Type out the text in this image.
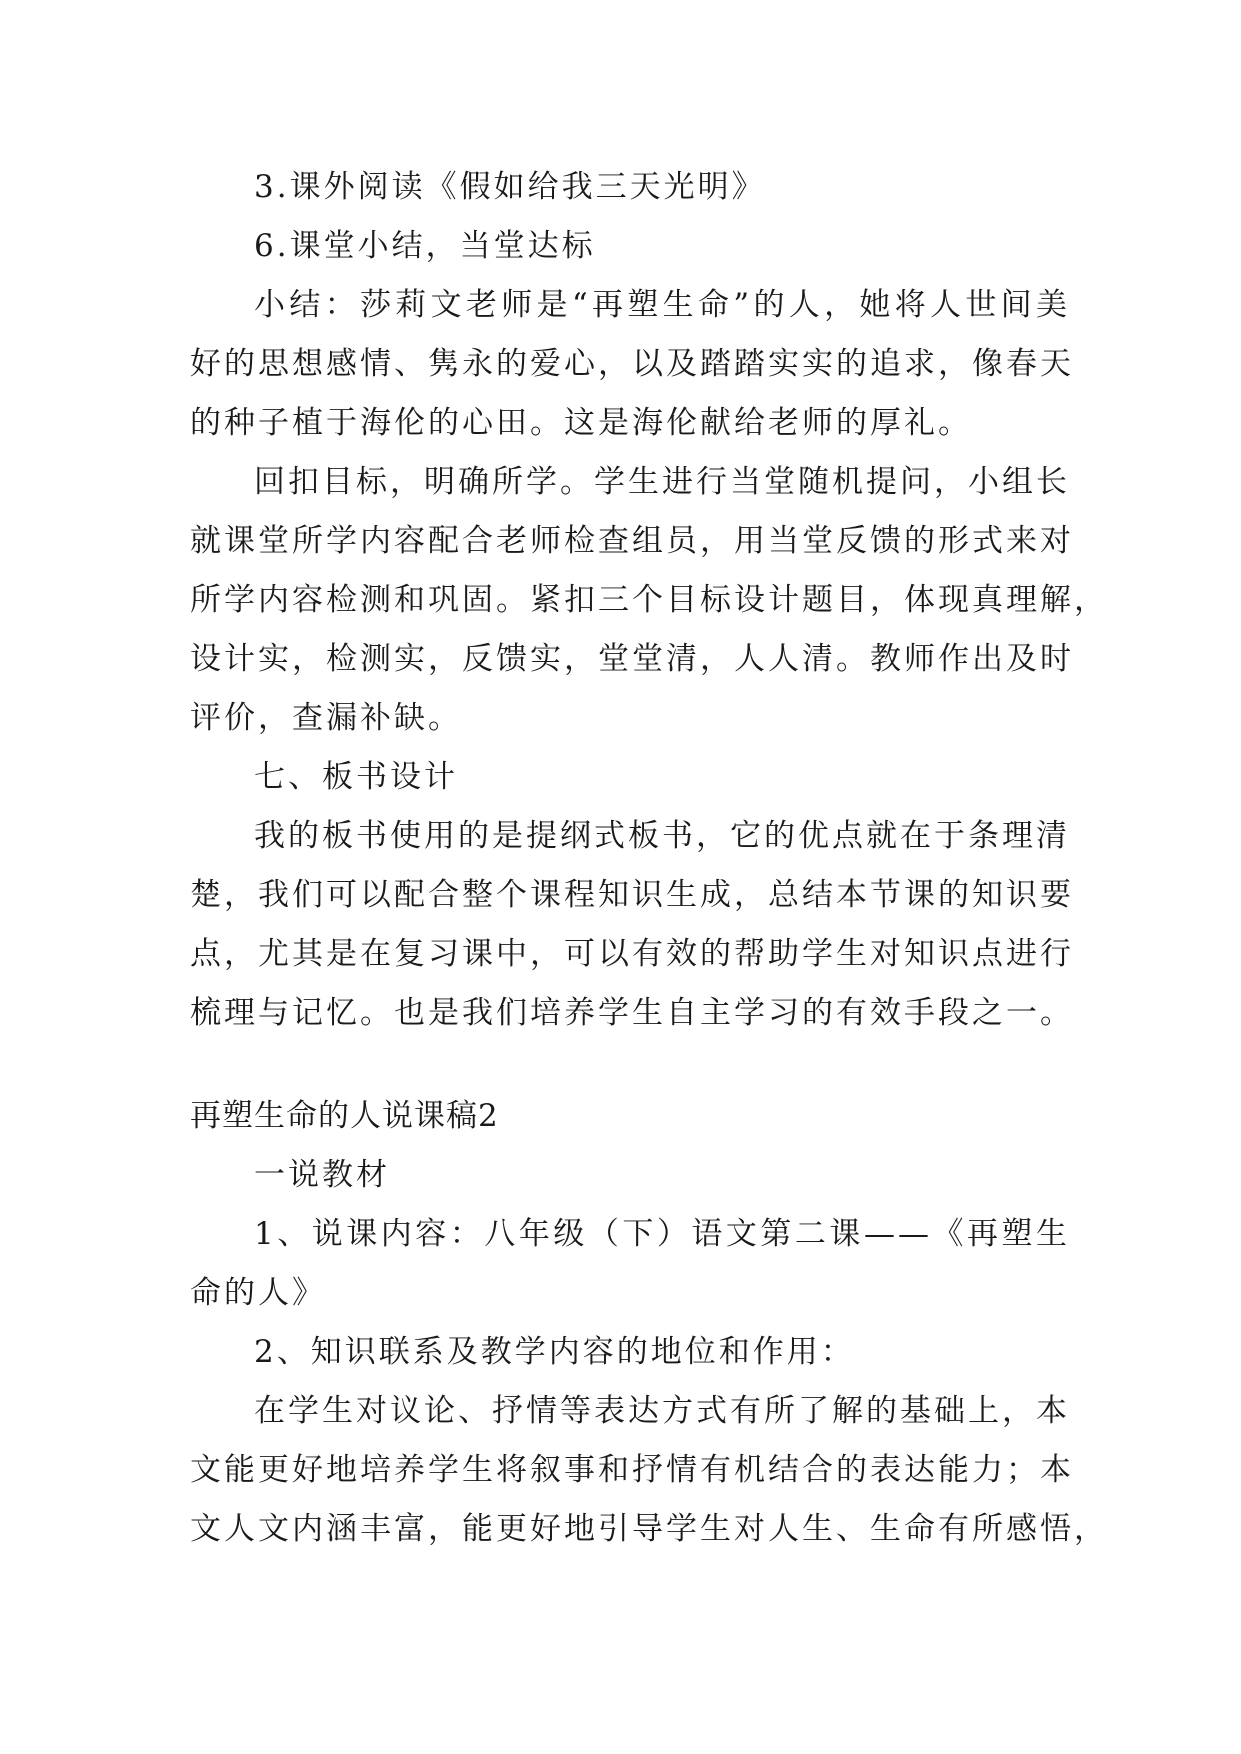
3.课外阅读《假如给我三天光明》
6.课堂小结，当堂达标
小结：莎莉文老师是“再塑生命”的人，她将人世间美
好的思想感情、隽永的爱心，以及踏踏实实的追求，像春天
的种子植于海伦的心田。这是海伦献给老师的厚礼。
回扣目标，明确所学。学生进行当堂随机提问，小组长
就课堂所学内容配合老师检查组员，用当堂反馈的形式来对
所学内容检测和巩固。紧扣三个目标设计题目，体现真理解，
设计实，检测实，反馈实，堂堂清，人人清。教师作出及时
评价，查漏补缺。
七、板书设计
我的板书使用的是提纲式板书，它的优点就在于条理清
楚，我们可以配合整个课程知识生成，总结本节课的知识要
点，尤其是在复习课中，可以有效的帮助学生对知识点进行
梳理与记忆。也是我们培养学生自主学习的有效手段之一。
再塑生命的人说课稿2
一说教材
1、说课内容：八年级（下）语文第二课——《再塑生
命的人》
2、知识联系及教学内容的地位和作用：
在学生对议论、抒情等表达方式有所了解的基础上，本
文能更好地培养学生将叙事和抒情有机结合的表达能力；本
文人文内涵丰富，能更好地引导学生对人生、生命有所感悟，
